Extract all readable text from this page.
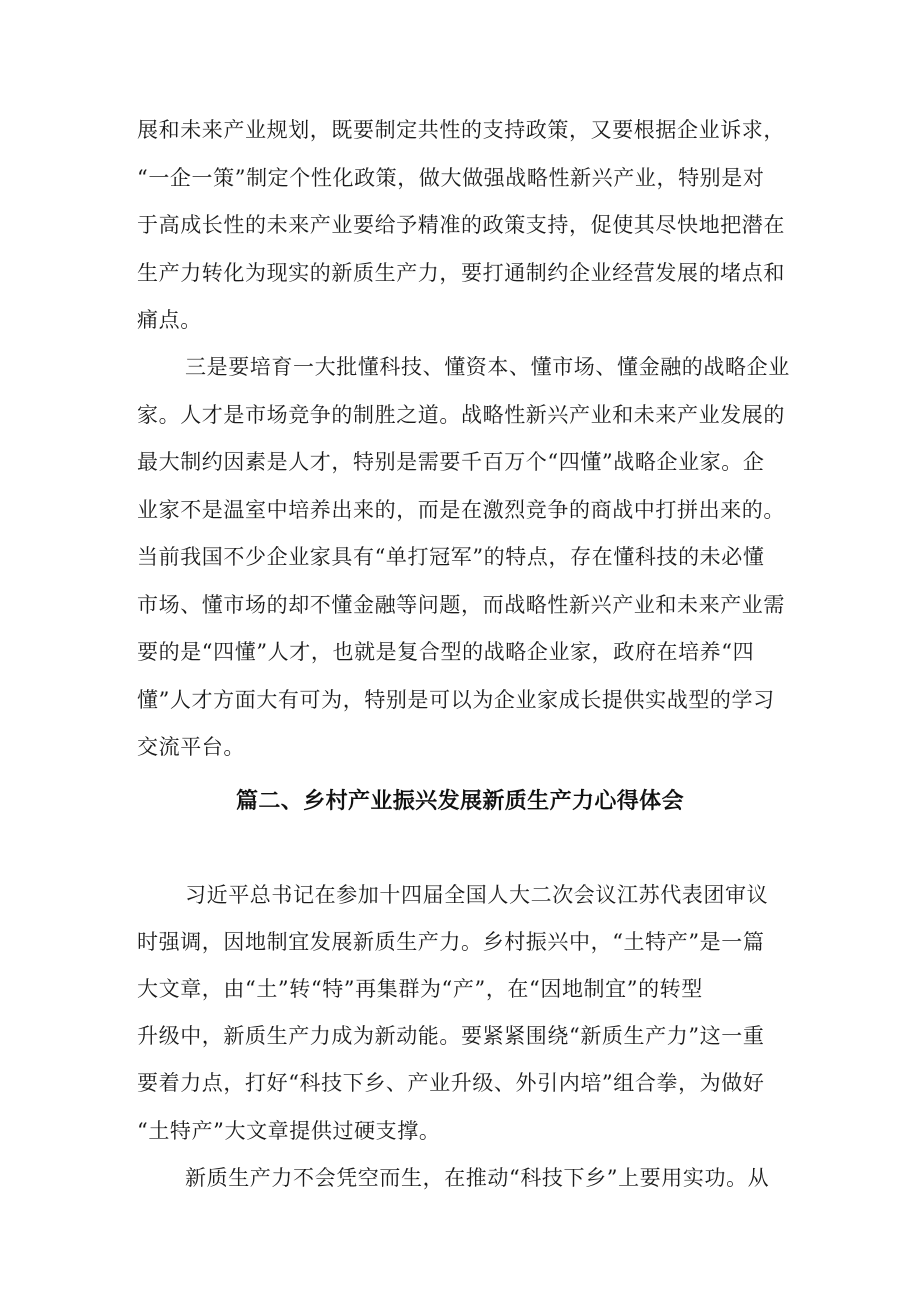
展和未来产业规划，既要制定共性的支持政策，又要根据企业诉求，
“一企一策”制定个性化政策，做大做强战略性新兴产业，特别是对
于高成长性的未来产业要给予精准的政策支持，促使其尽快地把潜在
生产力转化为现实的新质生产力，要打通制约企业经营发展的堵点和
痛点。
三是要培育一大批懂科技、懂资本、懂市场、懂金融的战略企业
家。人才是市场竞争的制胜之道。战略性新兴产业和未来产业发展的
最大制约因素是人才，特别是需要千百万个“四懂”战略企业家。企
业家不是温室中培养出来的，而是在激烈竞争的商战中打拼出来的。
当前我国不少企业家具有“单打冠军”的特点，存在懂科技的未必懂
市场、懂市场的却不懂金融等问题，而战略性新兴产业和未来产业需
要的是“四懂”人才，也就是复合型的战略企业家，政府在培养“四
懂”人才方面大有可为，特别是可以为企业家成长提供实战型的学习
交流平台。
篇二、乡村产业振兴发展新质生产力心得体会
习近平总书记在参加十四届全国人大二次会议江苏代表团审议
时强调，因地制宜发展新质生产力。乡村振兴中，“土特产”是一篇
大文章，由“土”转“特”再集群为“产”，在“因地制宜”的转型
升级中，新质生产力成为新动能。要紧紧围绕“新质生产力”这一重
要着力点，打好“科技下乡、产业升级、外引内培”组合拳，为做好
“土特产”大文章提供过硬支撑。
新质生产力不会凭空而生，在推动“科技下乡”上要用实功。从
